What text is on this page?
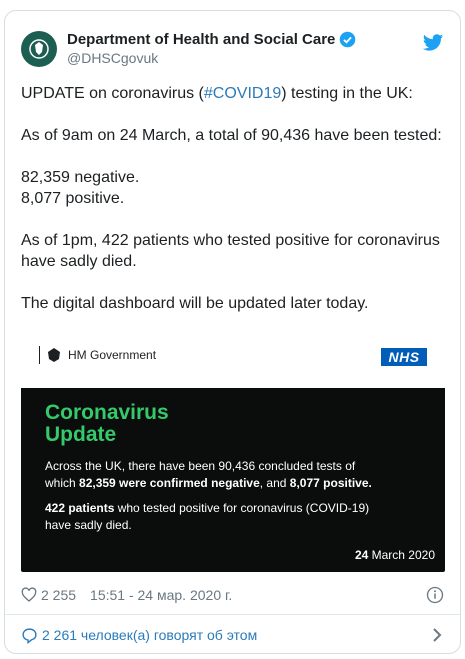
Department of Health and Social Care
@DHSCgovuk

UPDATE on coronavirus (#COVID19) testing in the UK:

As of 9am on 24 March, a total of 90,436 have been tested:

82,359 negative.
8,077 positive.

As of 1pm, 422 patients who tested positive for coronavirus have sadly died.

The digital dashboard will be updated later today.

HM Government	NHS
Coronavirus
Update

Across the UK, there have been 90,436 concluded tests of which 82,359 were confirmed negative, and 8,077 positive.

422 patients who tested positive for coronavirus (COVID-19) have sadly died.

24 March 2020
2 255 15:51 - 24 мар. 2020 г.
2 261 человек(а) говорят об этом
